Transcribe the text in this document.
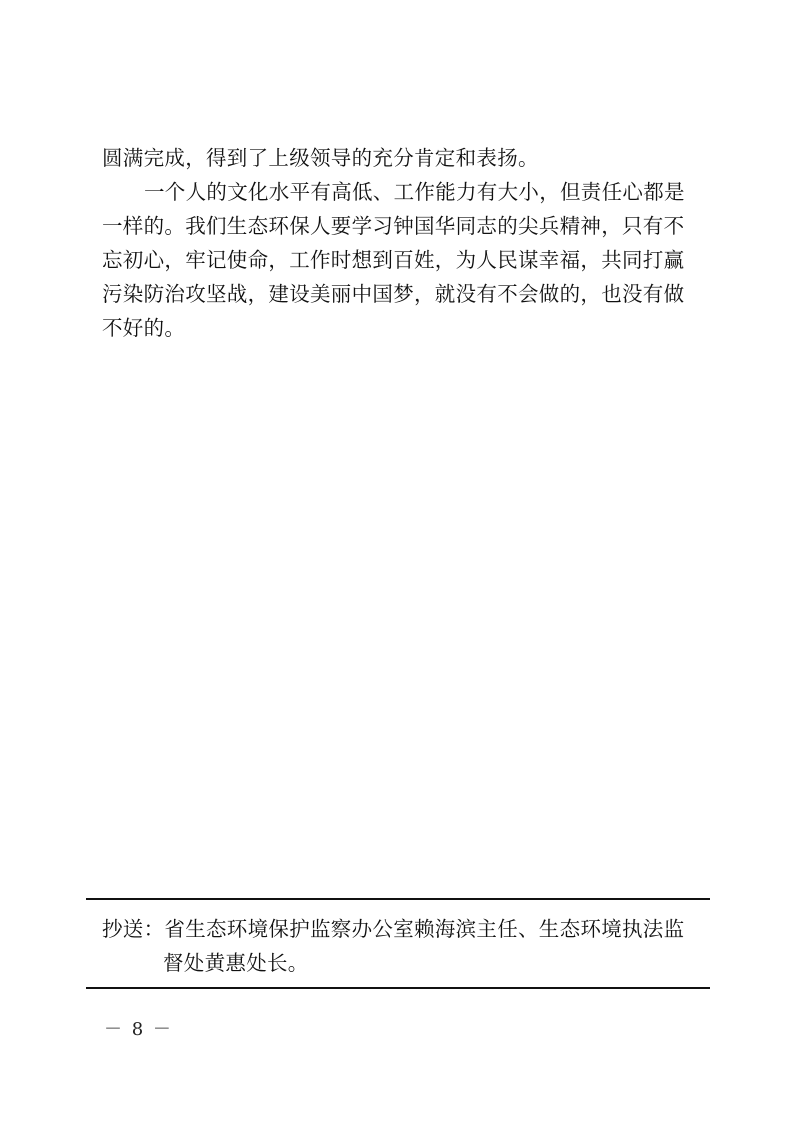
圆满完成，得到了上级领导的充分肯定和表扬。
一个人的文化水平有高低、工作能力有大小，但责任心都是
一样的。我们生态环保人要学习钟国华同志的尖兵精神，只有不
忘初心，牢记使命，工作时想到百姓，为人民谋幸福，共同打赢
污染防治攻坚战，建设美丽中国梦，就没有不会做的，也没有做
不好的。
抄送：省生态环境保护监察办公室赖海滨主任、生态环境执法监
督处黄惠处长。
－ 8 －
